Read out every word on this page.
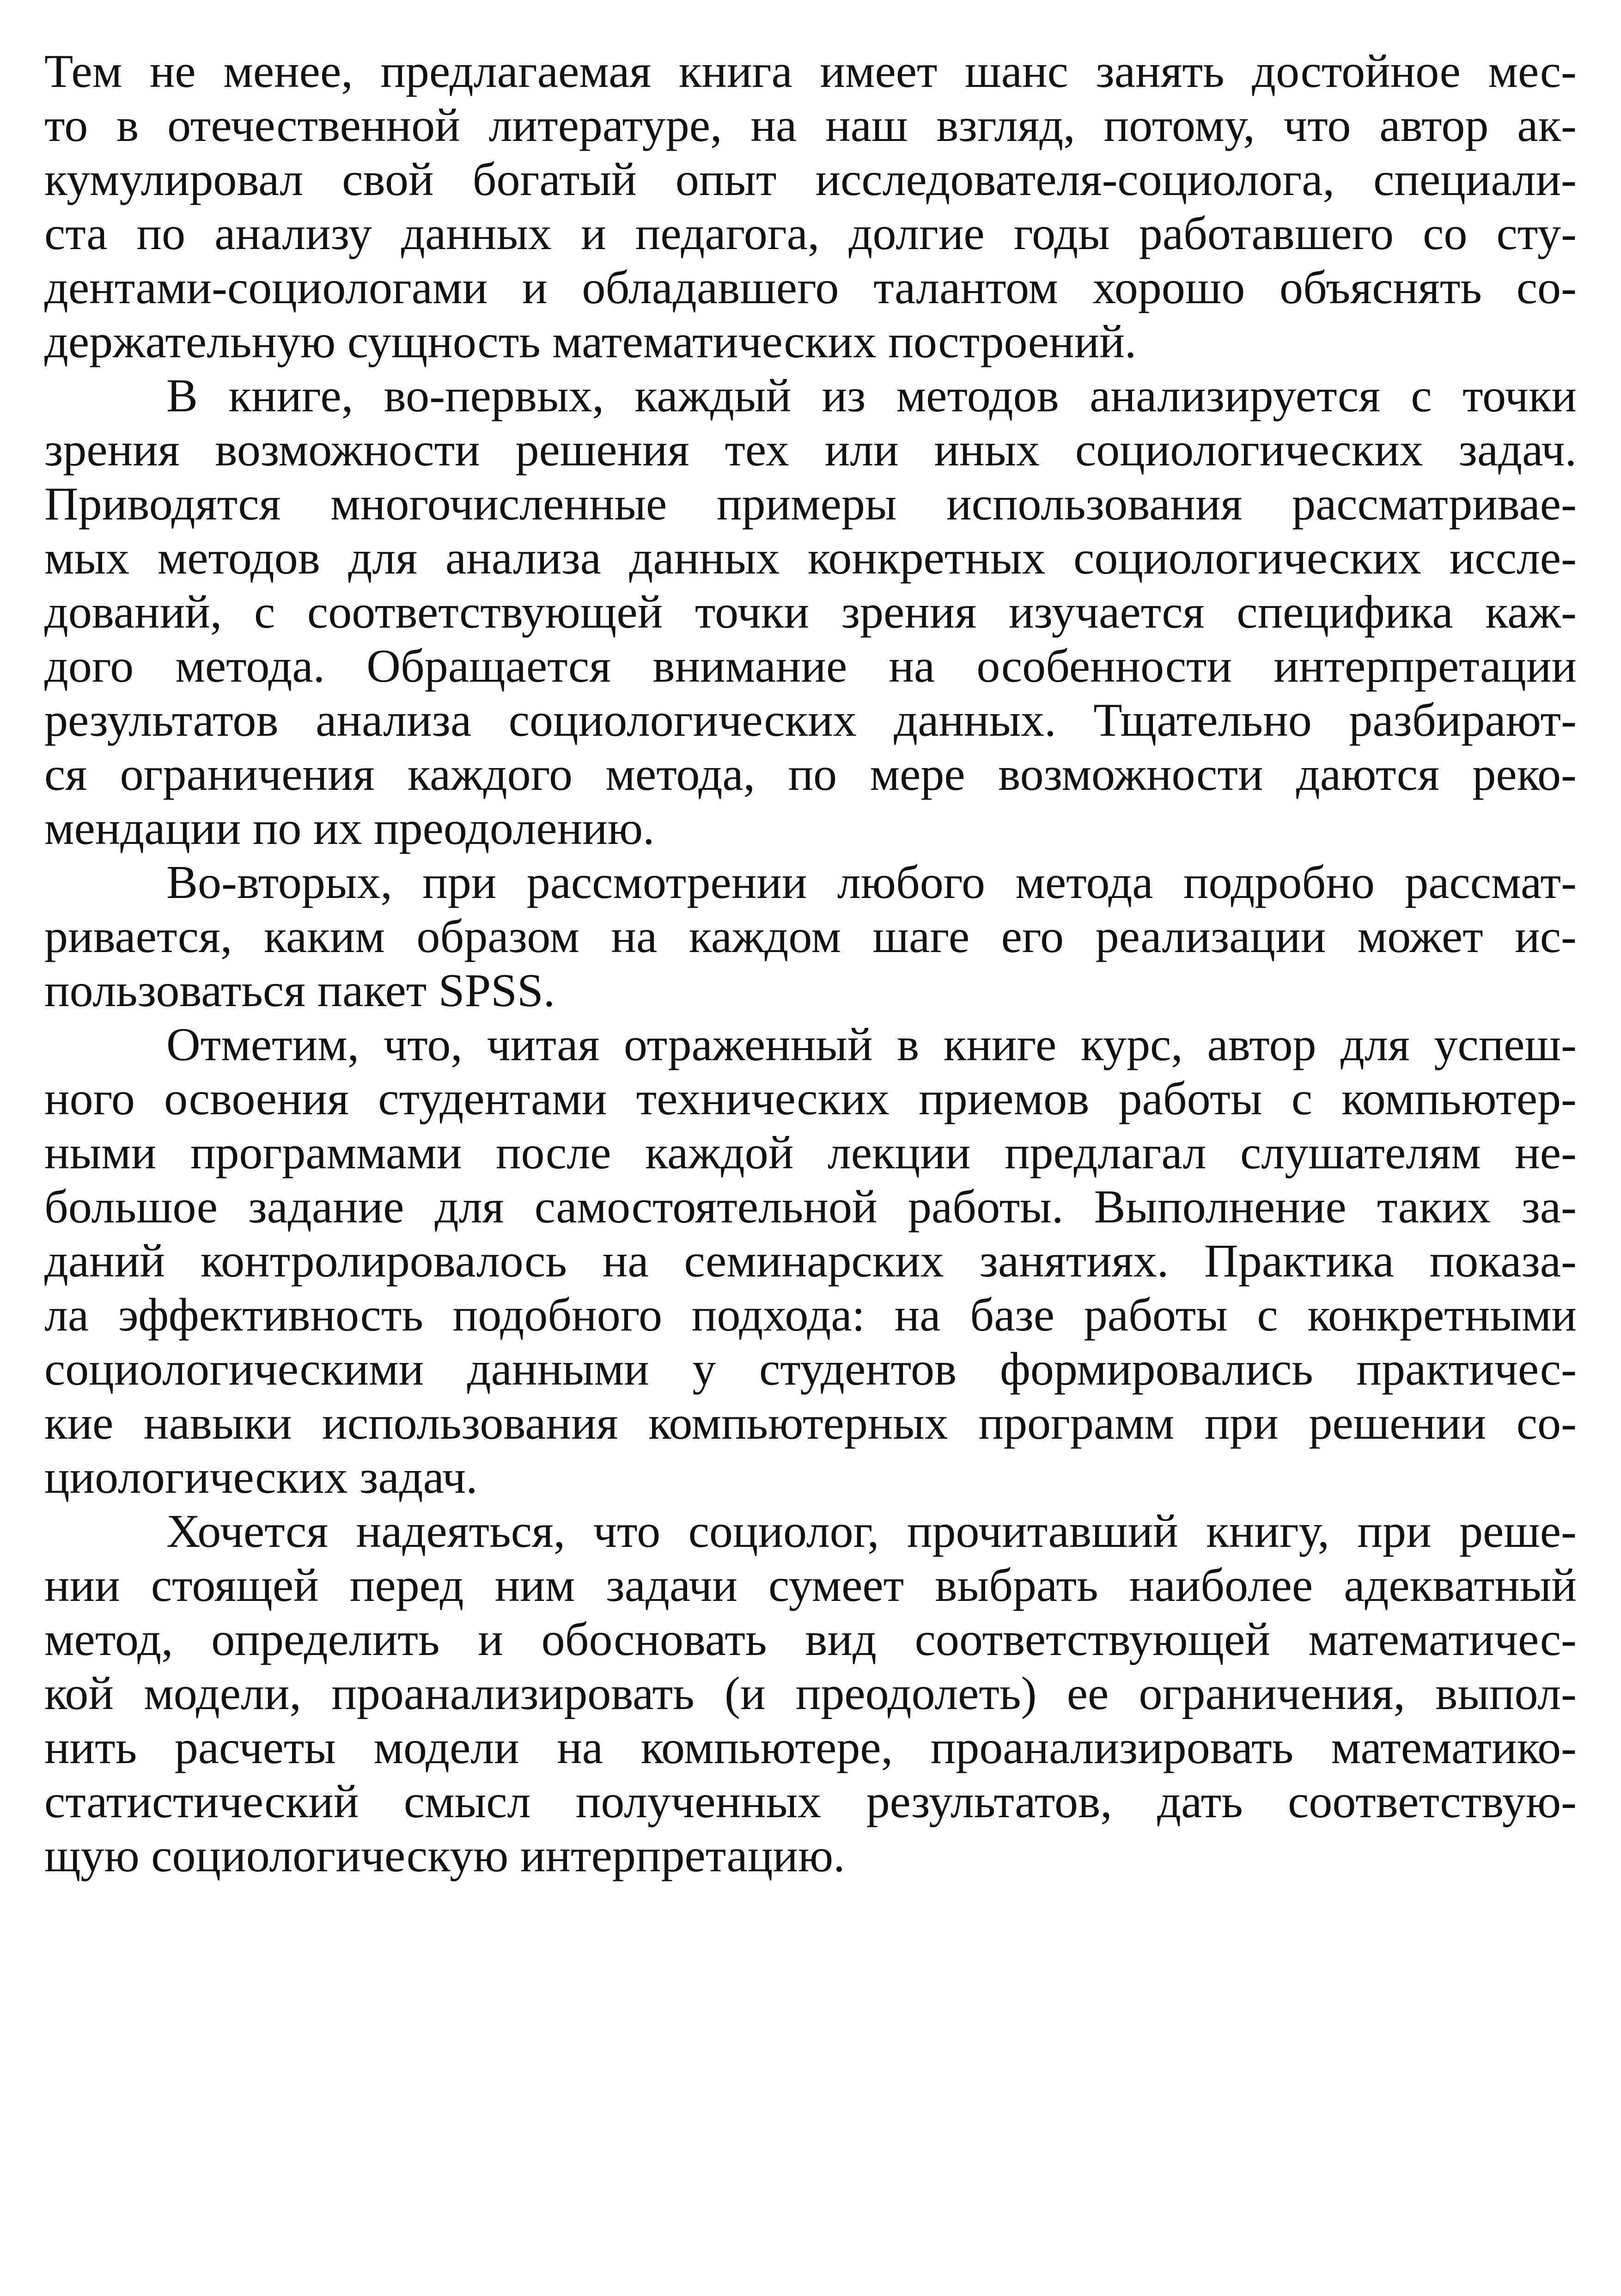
Тем не менее, предлагаемая книга имеет шанс занять достойное мес-
то в отечественной литературе, на наш взгляд, потому, что автор ак-
кумулировал свой богатый опыт исследователя-социолога, специали-
ста по анализу данных и педагога, долгие годы работавшего со сту-
дентами-социологами и обладавшего талантом хорошо объяснять со-
держательную сущность математических построений.
В книге, во-первых, каждый из методов анализируется с точки
зрения возможности решения тех или иных социологических задач.
Приводятся многочисленные примеры использования рассматривае-
мых методов для анализа данных конкретных социологических иссле-
дований, с соответствующей точки зрения изучается специфика каж-
дого метода. Обращается внимание на особенности интерпретации
результатов анализа социологических данных. Тщательно разбирают-
ся ограничения каждого метода, по мере возможности даются реко-
мендации по их преодолению.
Во-вторых, при рассмотрении любого метода подробно рассмат-
ривается, каким образом на каждом шаге его реализации может ис-
пользоваться пакет SPSS.
Отметим, что, читая отраженный в книге курс, автор для успеш-
ного освоения студентами технических приемов работы с компьютер-
ными программами после каждой лекции предлагал слушателям не-
большое задание для самостоятельной работы. Выполнение таких за-
даний контролировалось на семинарских занятиях. Практика показа-
ла эффективность подобного подхода: на базе работы с конкретными
социологическими данными у студентов формировались практичес-
кие навыки использования компьютерных программ при решении со-
циологических задач.
Хочется надеяться, что социолог, прочитавший книгу, при реше-
нии стоящей перед ним задачи сумеет выбрать наиболее адекватный
метод, определить и обосновать вид соответствующей математичес-
кой модели, проанализировать (и преодолеть) ее ограничения, выпол-
нить расчеты модели на компьютере, проанализировать математико-
статистический смысл полученных результатов, дать соответствую-
щую социологическую интерпретацию.
